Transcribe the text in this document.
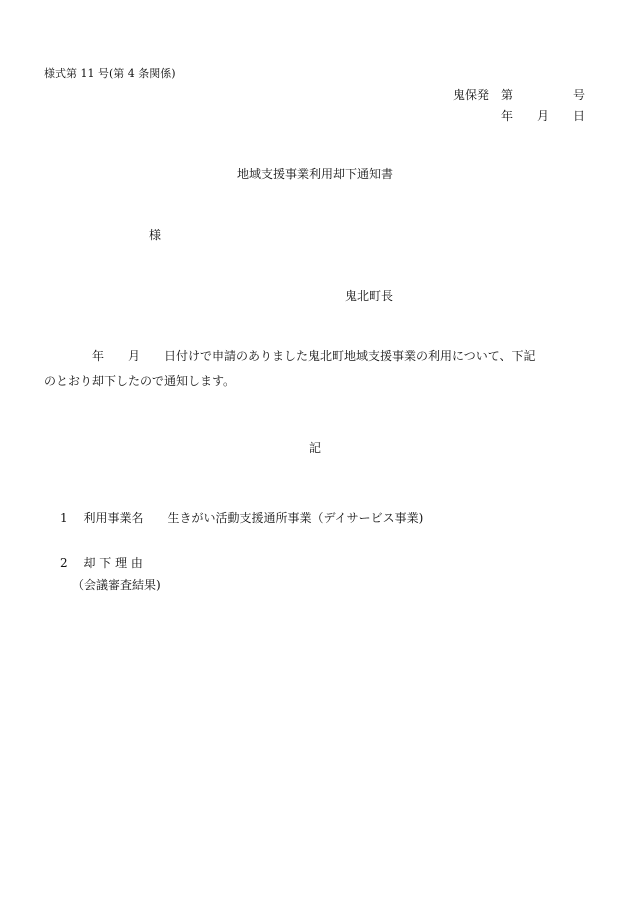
様式第 11 号(第 4 条関係)
鬼保発　第　　　　　号
年　　月　　日
地域支援事業利用却下通知書
様
鬼北町長
　　　　年　　月　　日付けで申請のありました鬼北町地域支援事業の利用について、下記
のとおり却下したので通知します。
記
1　 利用事業名　　生きがい活動支援通所事業（デイサービス事業)
2　 却 下 理 由
（会議審査結果)
